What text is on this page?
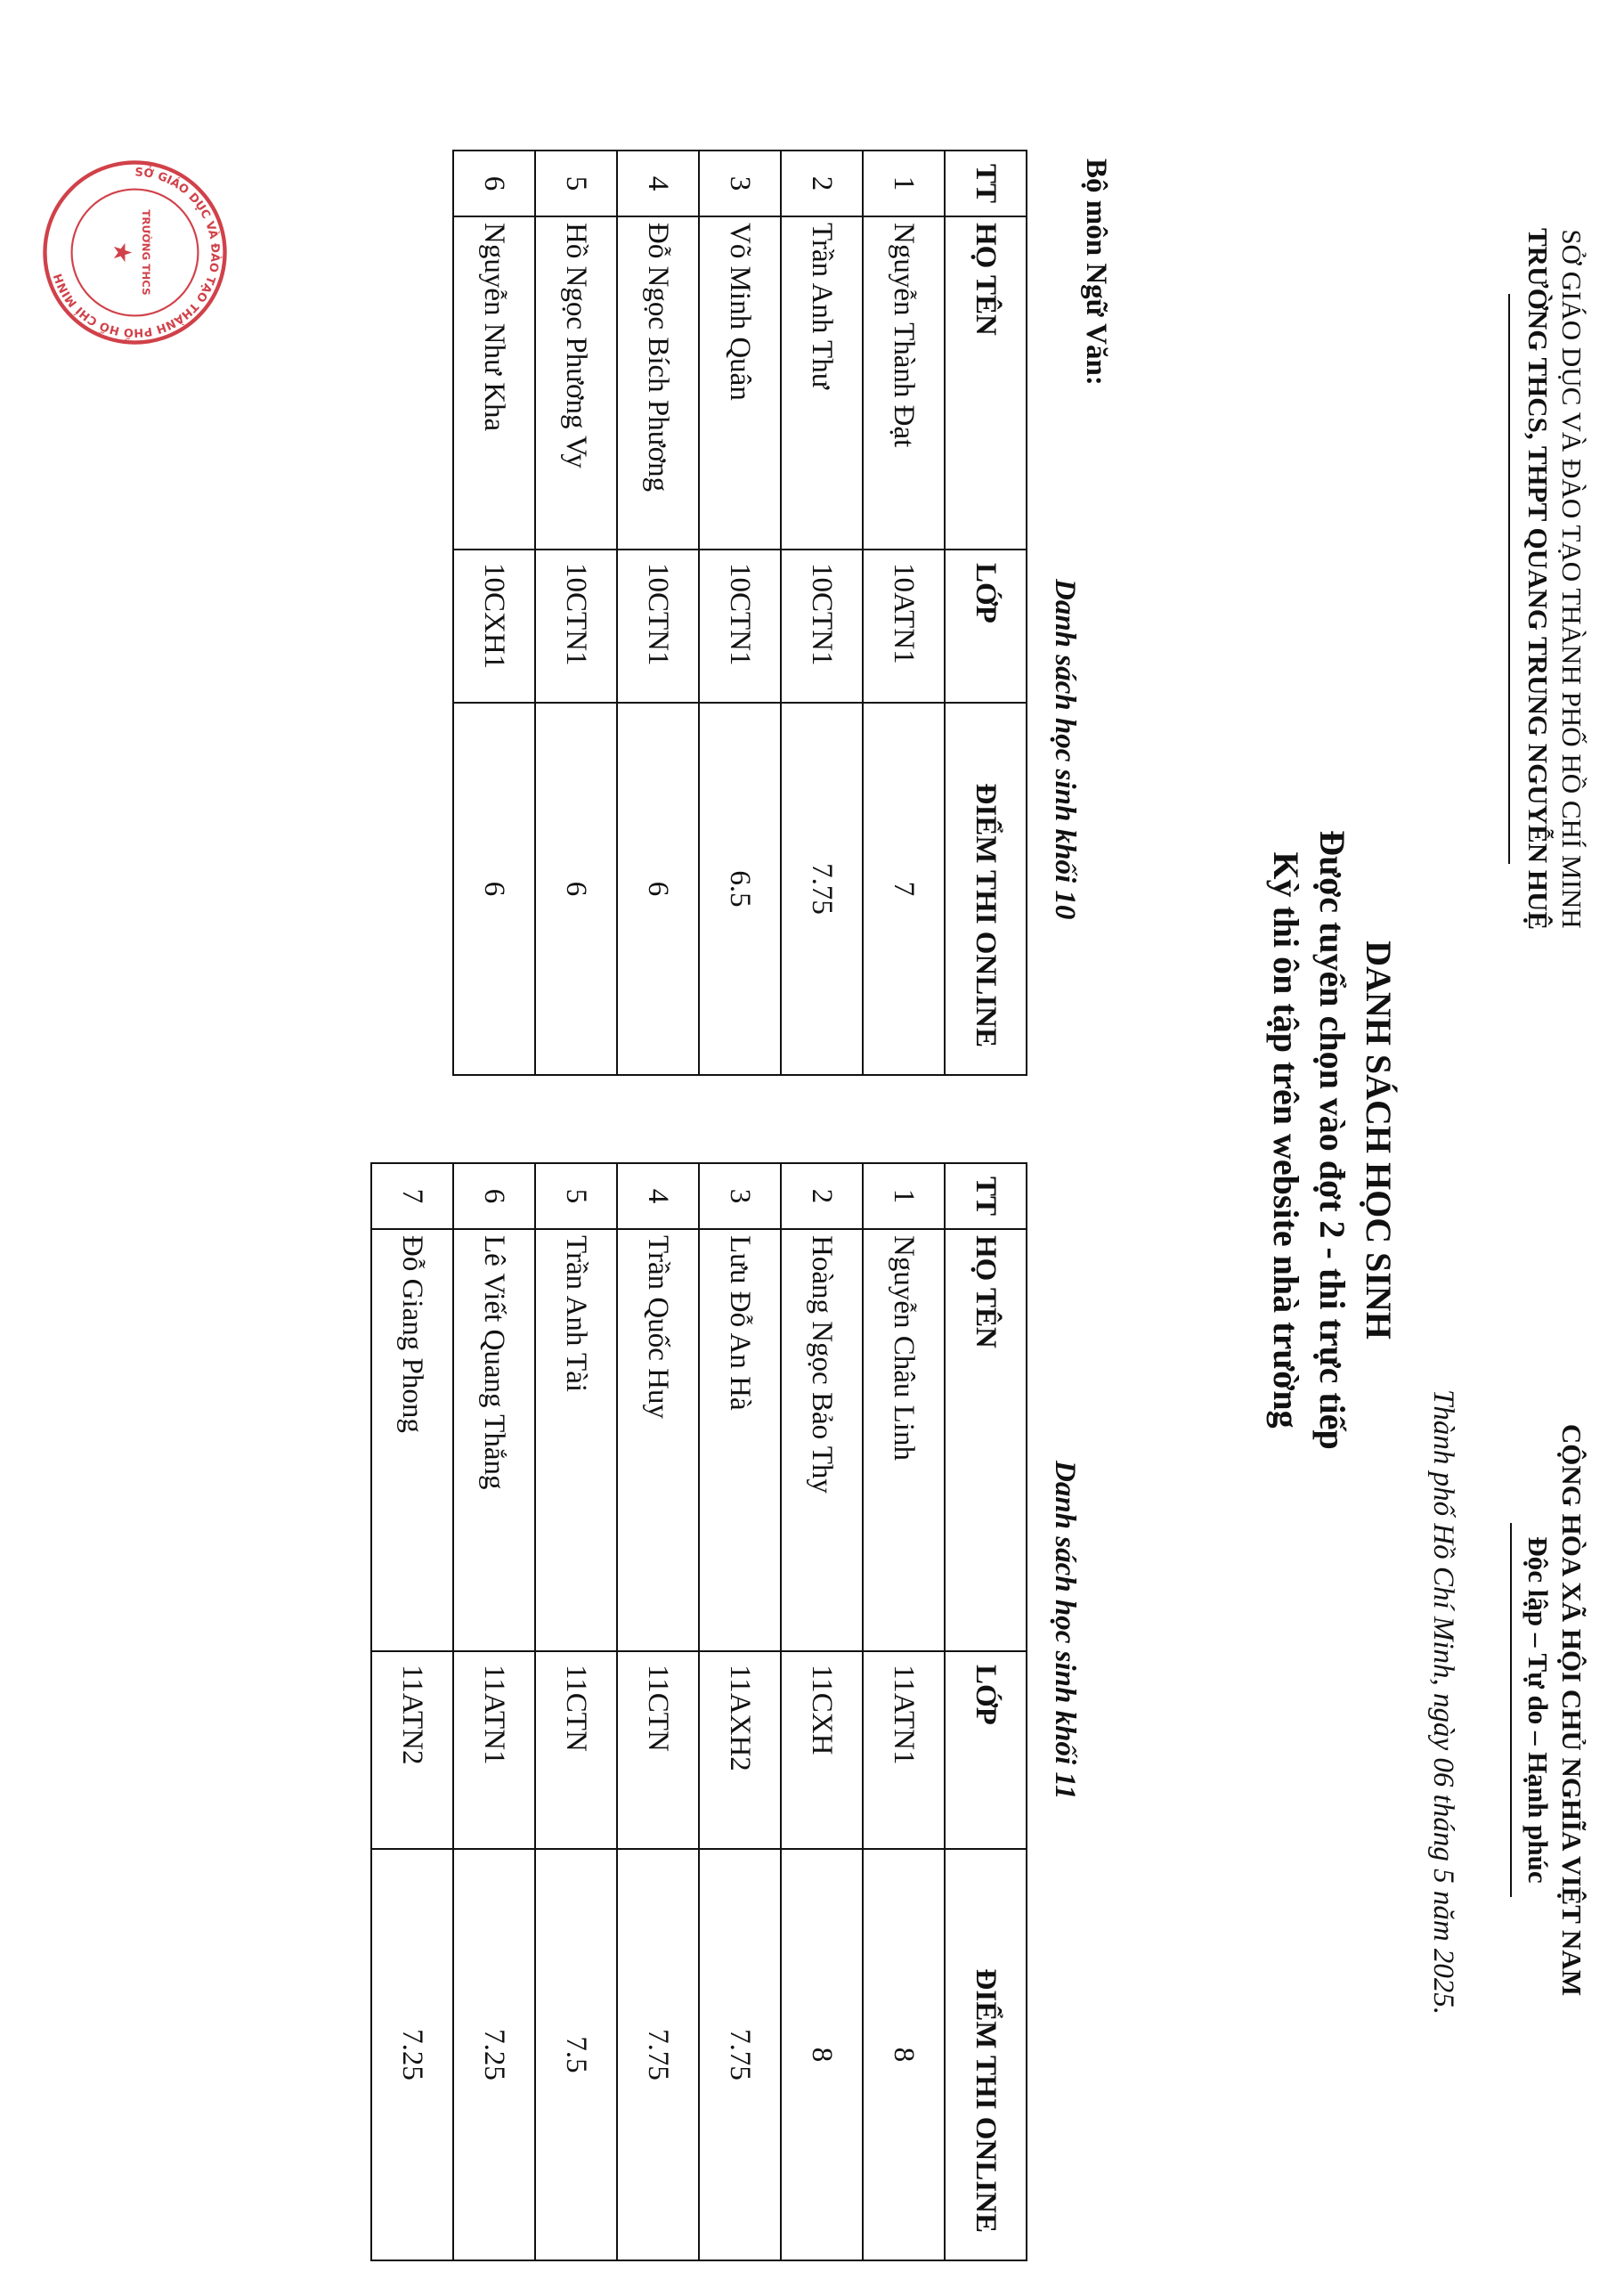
SỞ GIÁO DỤC VÀ ĐÀO TẠO THÀNH PHỐ HỒ CHÍ MINH
TRƯỜNG THCS, THPT QUANG TRUNG NGUYỄN HUỆ
CỘNG HÒA XÃ HỘI CHỦ NGHĨA VIỆT NAM
Độc lập – Tự do – Hạnh phúc
Thành phố Hồ Chí Minh, ngày 06 tháng 5 năm 2025.
DANH SÁCH HỌC SINH
Được tuyển chọn vào đợt 2 - thi trực tiếp
Kỳ thi ôn tập trên website nhà trường
Bộ môn Ngữ Văn:
Danh sách học sinh khối 10
Danh sách học sinh khối 11
TT	HỌ TÊN	LỚP	ĐIỂM THI ONLINE
1	Nguyễn Thành Đạt	10ATN1	7
2	Trần Anh Thư	10CTN1	7.75
3	Võ Minh Quân	10CTN1	6.5
4	Đỗ Ngọc Bích Phương	10CTN1	6
5	Hồ Ngọc Phương Vy	10CTN1	6
6	Nguyễn Như Kha	10CXH1	6
TT	HỌ TÊN	LỚP	ĐIỂM THI ONLINE
1	Nguyễn Châu Linh	11ATN1	8
2	Hoàng Ngọc Bảo Thy	11CXH	8
3	Lưu Đỗ An Hà	11AXH2	7.75
4	Trần Quốc Huy	11CTN	7.75
5	Trần Anh Tài	11CTN	7.5
6	Lê Viết Quang Thắng	11ATN1	7.25
7	Đỗ Giang Phong	11ATN2	7.25
SỞ GIÁO DỤC VÀ ĐÀO TẠO THÀNH PHỐ HỒ CHÍ MINH	TRƯỜNG THCS
★
